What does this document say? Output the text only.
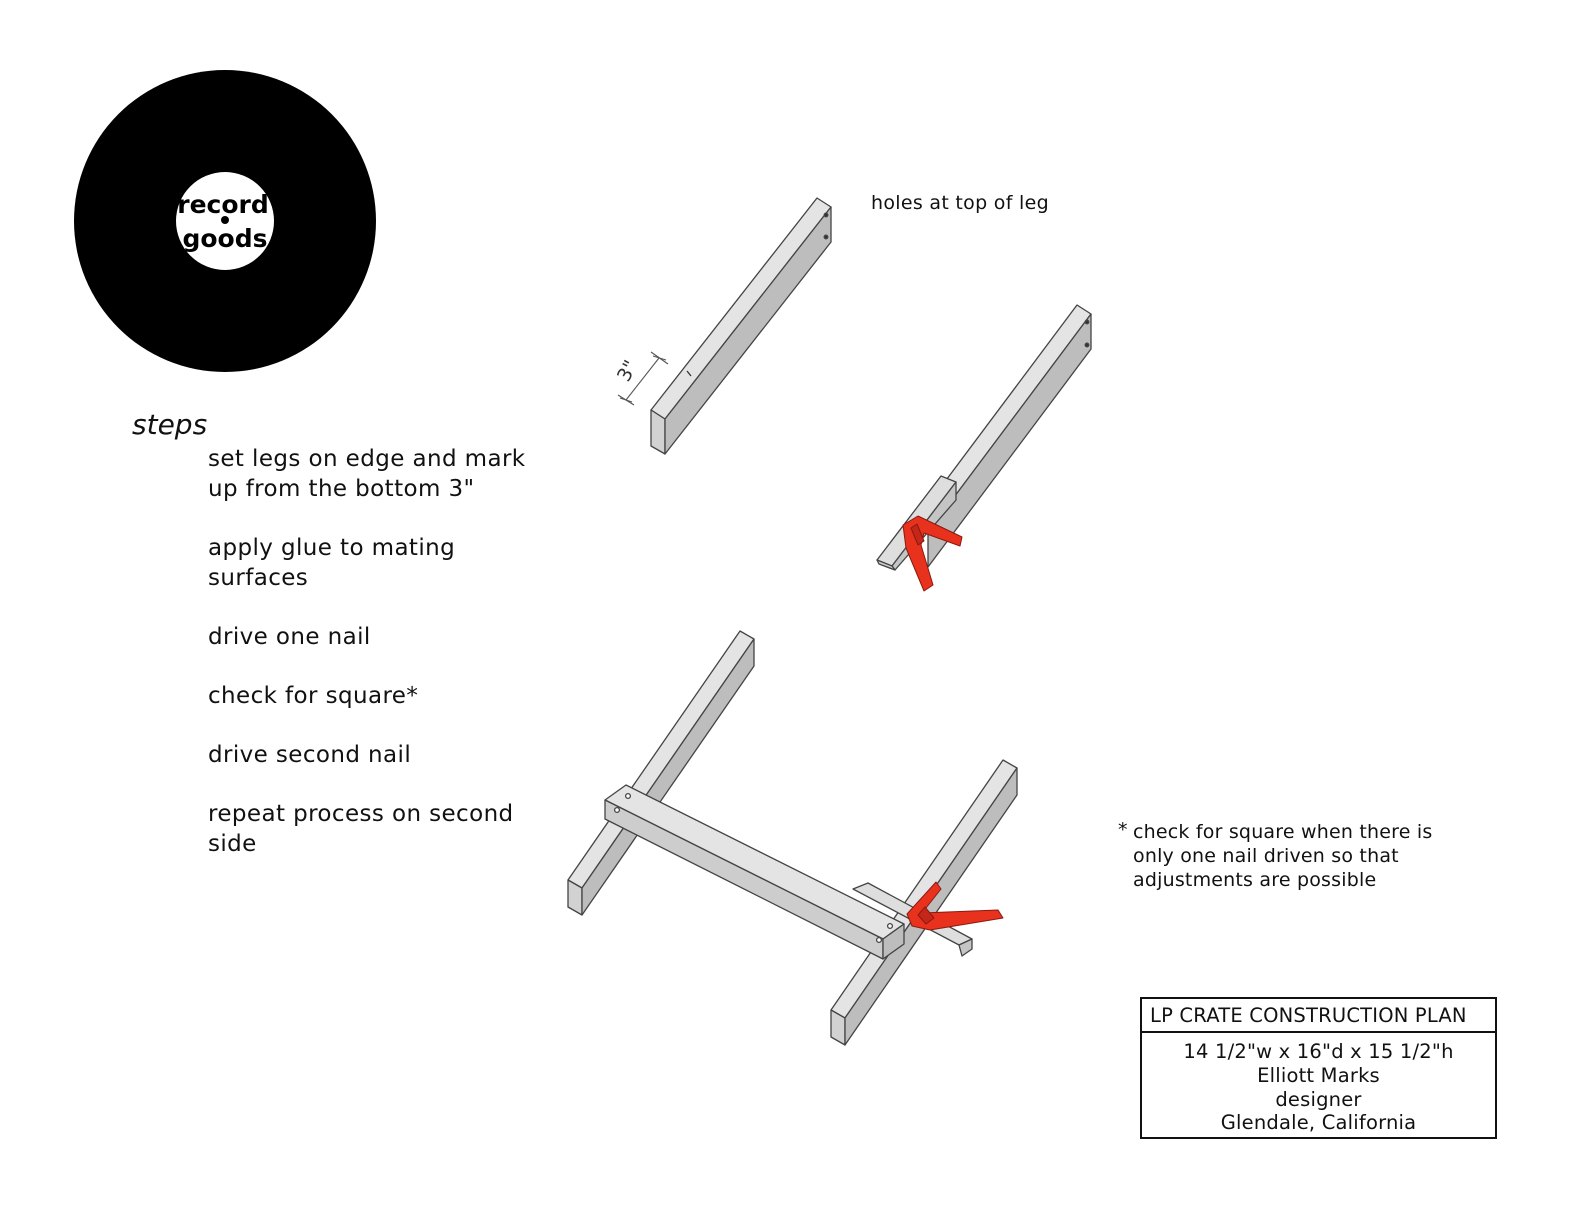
record
goods
3"
steps
set legs on edge and mark up from the bottom 3"
apply glue to mating surfaces
drive one nail
check for square*
drive second nail
repeat process on second side
holes at top of leg
* check for square when there is only one nail driven so that adjustments are possible
LP CRATE CONSTRUCTION PLAN
14 1/2"w x 16"d x 15 1/2"h
Elliott Marks
designer
Glendale, California
